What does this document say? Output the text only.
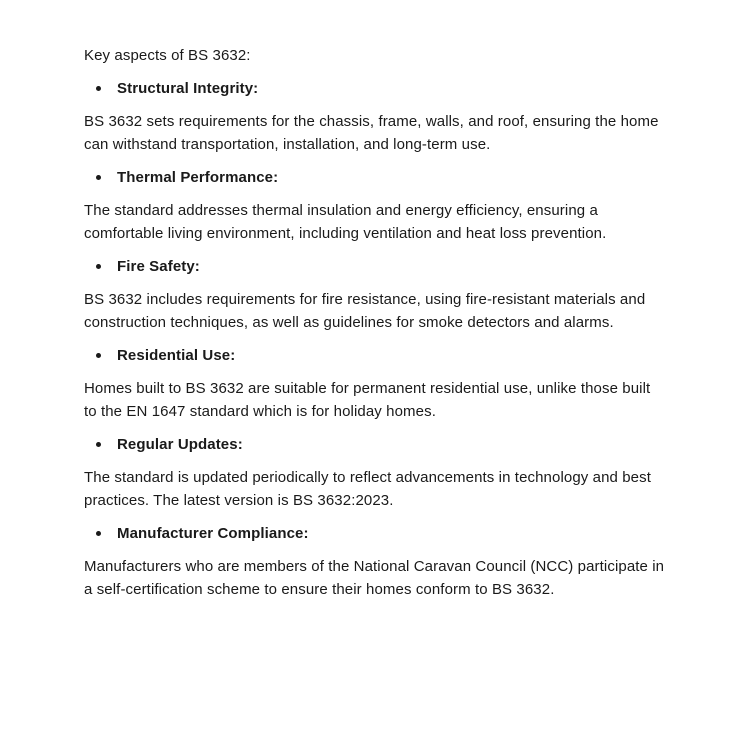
Key aspects of BS 3632:

Structural Integrity:

BS 3632 sets requirements for the chassis, frame, walls, and roof, ensuring the home can withstand transportation, installation, and long-term use.

Thermal Performance:

The standard addresses thermal insulation and energy efficiency, ensuring a comfortable living environment, including ventilation and heat loss prevention.

Fire Safety:

BS 3632 includes requirements for fire resistance, using fire-resistant materials and construction techniques, as well as guidelines for smoke detectors and alarms.

Residential Use:

Homes built to BS 3632 are suitable for permanent residential use, unlike those built to the EN 1647 standard which is for holiday homes.

Regular Updates:

The standard is updated periodically to reflect advancements in technology and best practices. The latest version is BS 3632:2023.

Manufacturer Compliance:

Manufacturers who are members of the National Caravan Council (NCC) participate in a self-certification scheme to ensure their homes conform to BS 3632.
